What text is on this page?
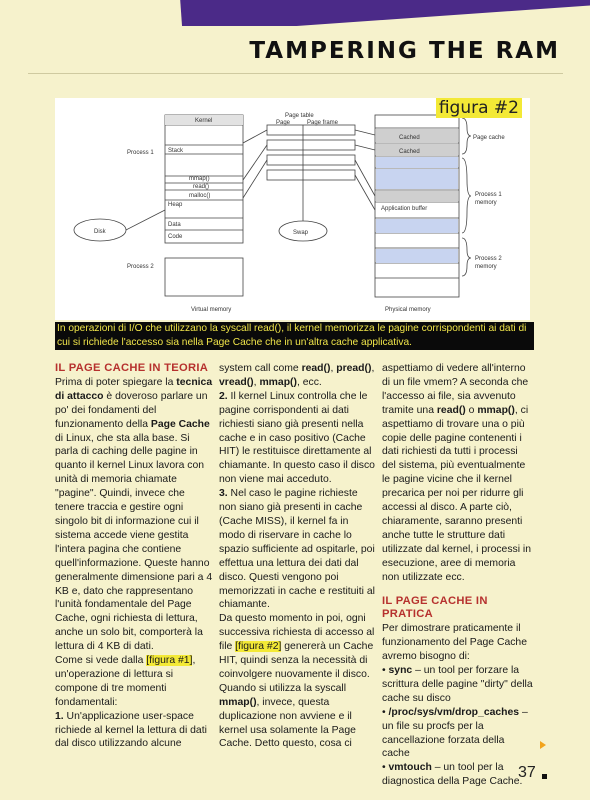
TAMPERING THE RAM
Kernel
Process 1
Process 2
Stack
mmap()
read()
malloc()
Heap
Data
Code
Disk
Page table
Page	Page frame
Swap
Cached
Cached
Application buffer
Page cache
Process 1
memory
Process 2
memory
Virtual memory	Physical memory
figura #2
In operazioni di I/O che utilizzano la syscall read(), il kernel memorizza le pagine corrispondenti ai dati di cui si richiede l'accesso sia nella Page Cache che in un'altra cache applicativa.

IL PAGE CACHE IN TEORIA

Prima di poter spiegare la tecnica di attacco è doveroso parlare un po' dei fondamenti del funzionamento della Page Cache di Linux, che sta alla base. Si parla di caching delle pagine in quanto il kernel Linux lavora con unità di memoria chiamate "pagine". Quindi, invece che tenere traccia e gestire ogni singolo bit di informazione cui il sistema accede viene gestita l'intera pagina che contiene quell'informazione. Queste hanno generalmente dimensione pari a 4 KB e, dato che rappresentano l'unità fondamentale del Page Cache, ogni richiesta di lettura, anche un solo bit, comporterà la lettura di 4 KB di dati.

Come si vede dalla [figura #1], un'operazione di lettura si compone di tre momenti fondamentali:

1. Un'applicazione user-space richiede al kernel la lettura di dati dal disco utilizzando alcune

system call come read(), pread(), vread(), mmap(), ecc.

2. Il kernel Linux controlla che le pagine corrispondenti ai dati richiesti siano già presenti nella cache e in caso positivo (Cache HIT) le restituisce direttamente al chiamante. In questo caso il disco non viene mai acceduto.

3. Nel caso le pagine richieste non siano già presenti in cache (Cache MISS), il kernel fa in modo di riservare in cache lo spazio sufficiente ad ospitarle, poi effettua una lettura dei dati dal disco. Questi vengono poi memorizzati in cache e restituiti al chiamante.

Da questo momento in poi, ogni successiva richiesta di accesso al file [figura #2] genererà un Cache HIT, quindi senza la necessità di coinvolgere nuovamente il disco.

Quando si utilizza la syscall mmap(), invece, questa duplicazione non avviene e il kernel usa solamente la Page Cache. Detto questo, cosa ci

aspettiamo di vedere all'interno di un file vmem? A seconda che l'accesso ai file, sia avvenuto tramite una read() o mmap(), ci aspettiamo di trovare una o più copie delle pagine contenenti i dati richiesti da tutti i processi del sistema, più eventualmente le pagine vicine che il kernel precarica per noi per ridurre gli accessi al disco. A parte ciò, chiaramente, saranno presenti anche tutte le strutture dati utilizzate dal kernel, i processi in esecuzione, aree di memoria non utilizzate ecc.

IL PAGE CACHE IN PRATICA

Per dimostrare praticamente il funzionamento del Page Cache avremo bisogno di:

• sync – un tool per forzare la scrittura delle pagine "dirty" della cache su disco

• /proc/sys/vm/drop_caches – un file su procfs per la cancellazione forzata della cache

• vmtouch – un tool per la diagnostica della Page Cache.

37
